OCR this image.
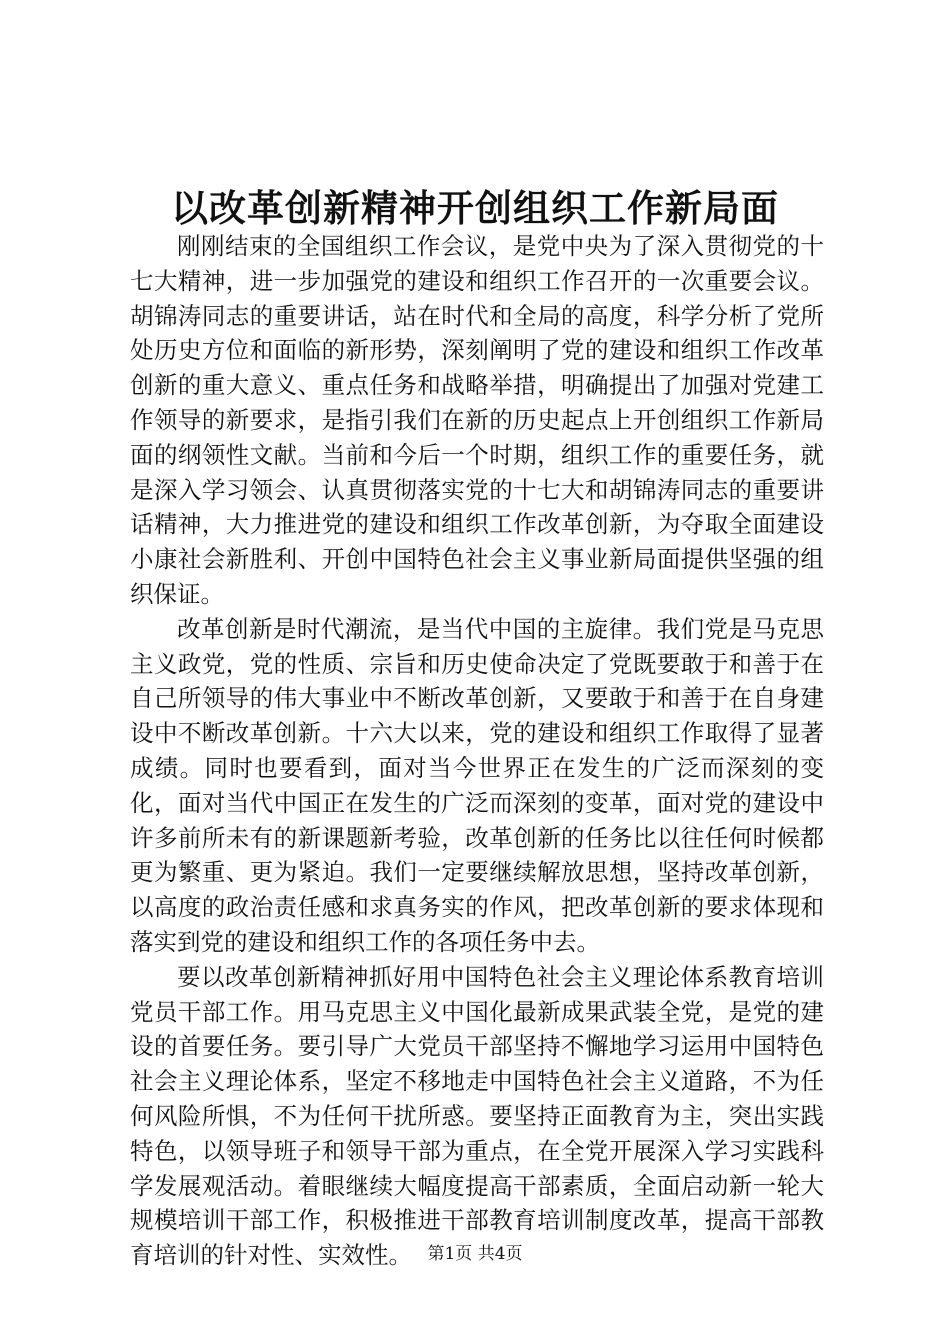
以改革创新精神开创组织工作新局面

刚刚结束的全国组织工作会议，是党中央为了深入贯彻党的十七大精神，进一步加强党的建设和组织工作召开的一次重要会议。胡锦涛同志的重要讲话，站在时代和全局的高度，科学分析了党所处历史方位和面临的新形势，深刻阐明了党的建设和组织工作改革创新的重大意义、重点任务和战略举措，明确提出了加强对党建工作领导的新要求，是指引我们在新的历史起点上开创组织工作新局面的纲领性文献。当前和今后一个时期，组织工作的重要任务，就是深入学习领会、认真贯彻落实党的十七大和胡锦涛同志的重要讲话精神，大力推进党的建设和组织工作改革创新，为夺取全面建设小康社会新胜利、开创中国特色社会主义事业新局面提供坚强的组织保证。

改革创新是时代潮流，是当代中国的主旋律。我们党是马克思主义政党，党的性质、宗旨和历史使命决定了党既要敢于和善于在自己所领导的伟大事业中不断改革创新，又要敢于和善于在自身建设中不断改革创新。十六大以来，党的建设和组织工作取得了显著成绩。同时也要看到，面对当今世界正在发生的广泛而深刻的变化，面对当代中国正在发生的广泛而深刻的变革，面对党的建设中许多前所未有的新课题新考验，改革创新的任务比以往任何时候都更为繁重、更为紧迫。我们一定要继续解放思想，坚持改革创新，以高度的政治责任感和求真务实的作风，把改革创新的要求体现和落实到党的建设和组织工作的各项任务中去。

要以改革创新精神抓好用中国特色社会主义理论体系教育培训党员干部工作。用马克思主义中国化最新成果武装全党，是党的建设的首要任务。要引导广大党员干部坚持不懈地学习运用中国特色社会主义理论体系，坚定不移地走中国特色社会主义道路，不为任何风险所惧，不为任何干扰所惑。要坚持正面教育为主，突出实践特色，以领导班子和领导干部为重点，在全党开展深入学习实践科学发展观活动。着眼继续大幅度提高干部素质，全面启动新一轮大规模培训干部工作，积极推进干部教育培训制度改革，提高干部教育培训的针对性、实效性。 第1页 共4页
